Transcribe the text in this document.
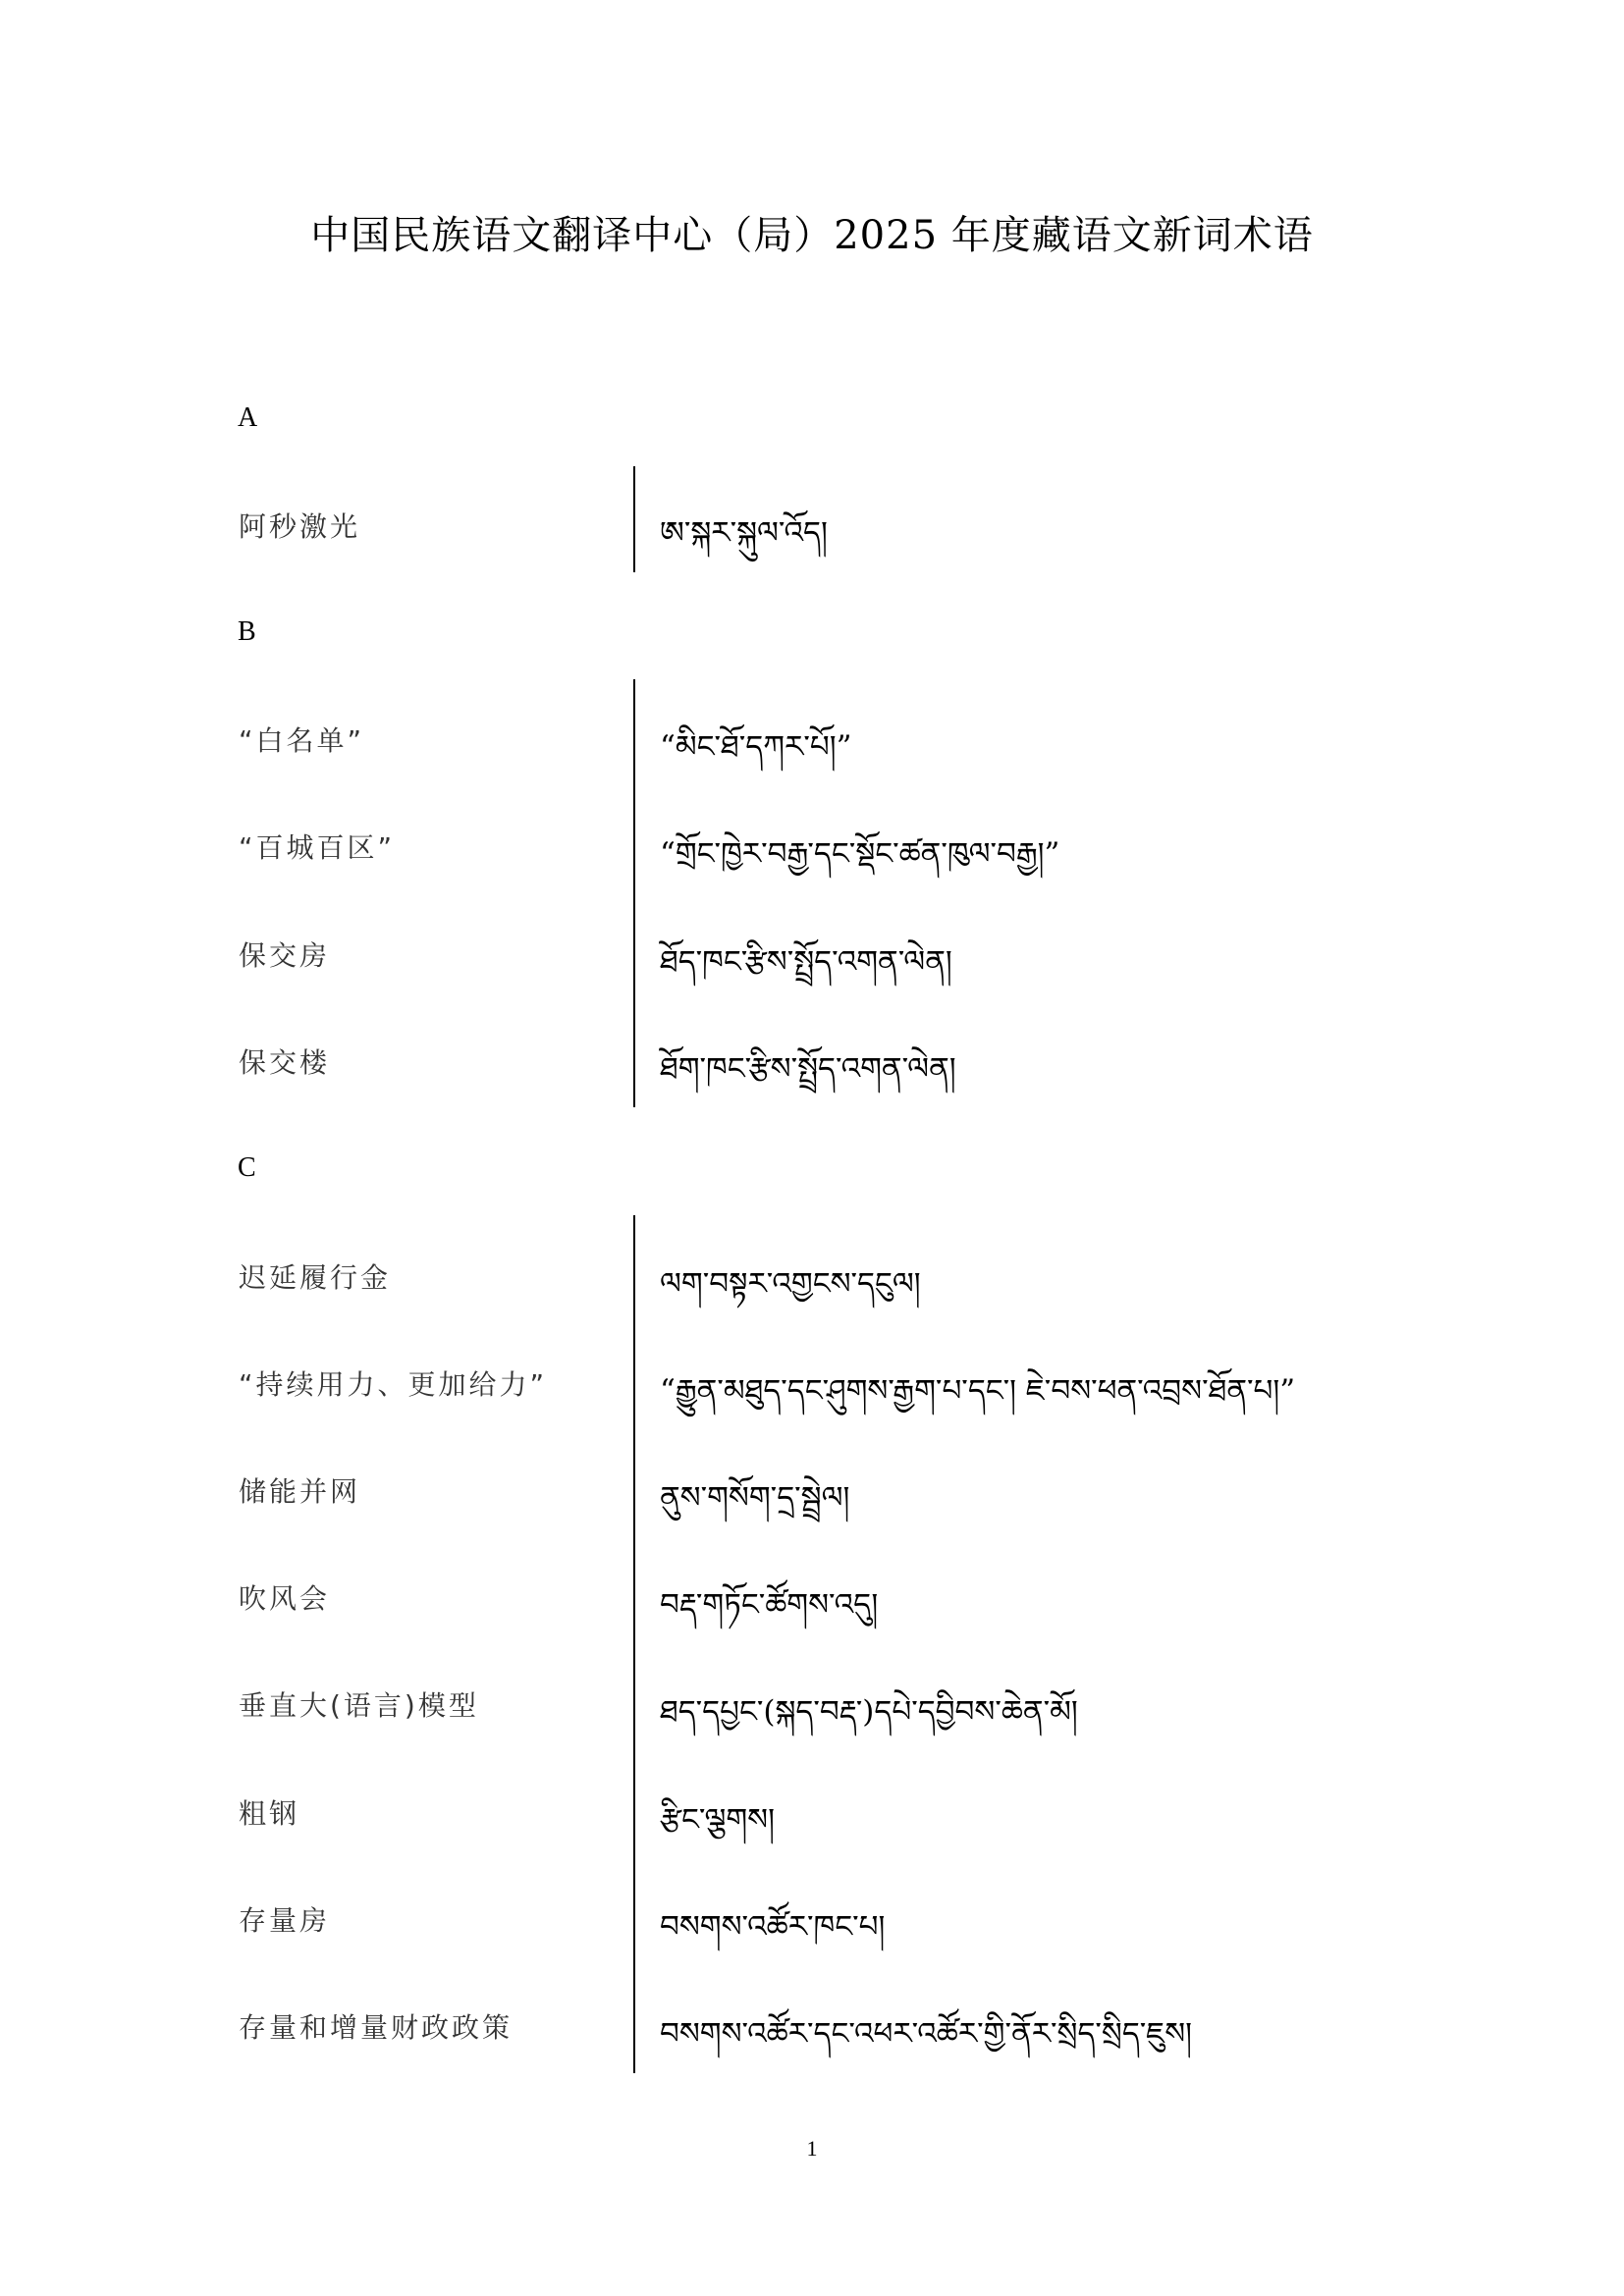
中国民族语文翻译中心（局）2025 年度藏语文新词术语
A
阿秒激光	ཨ་སྐར་སྐུལ་འོད།
B
“白名单”	“མིང་ཐོ་དཀར་པོ།”
“百城百区”	“གྲོང་ཁྱེར་བརྒྱ་དང་སྡོང་ཚན་ཁུལ་བརྒྱ།”
保交房	ཐོད་ཁང་རྩིས་སྤྲོད་འགན་ལེན།
保交楼	ཐོག་ཁང་རྩིས་སྤྲོད་འགན་ལེན།
C
迟延履行金	ལག་བསྟར་འགྱངས་དངུལ།
“持续用力、更加给力”	“རྒྱུན་མཐུད་དང་ཤུགས་རྒྱག་པ་དང་། ཇེ་བས་ཕན་འབྲས་ཐོན་པ།”
储能并网	ནུས་གསོག་དྲ་སྦྲེལ།
吹风会	བརྡ་གཏོང་ཚོགས་འདུ།
垂直大(语言)模型	ཐད་དཔྱང་(སྐད་བརྡ་)དཔེ་དབྱིབས་ཆེན་མོ།
粗钢	རྩིང་ལྕགས།
存量房	བསགས་འཚོར་ཁང་པ།
存量和增量财政政策	བསགས་འཚོར་དང་འཕར་འཚོར་གྱི་ནོར་སྲིད་སྲིད་ཇུས།
1
